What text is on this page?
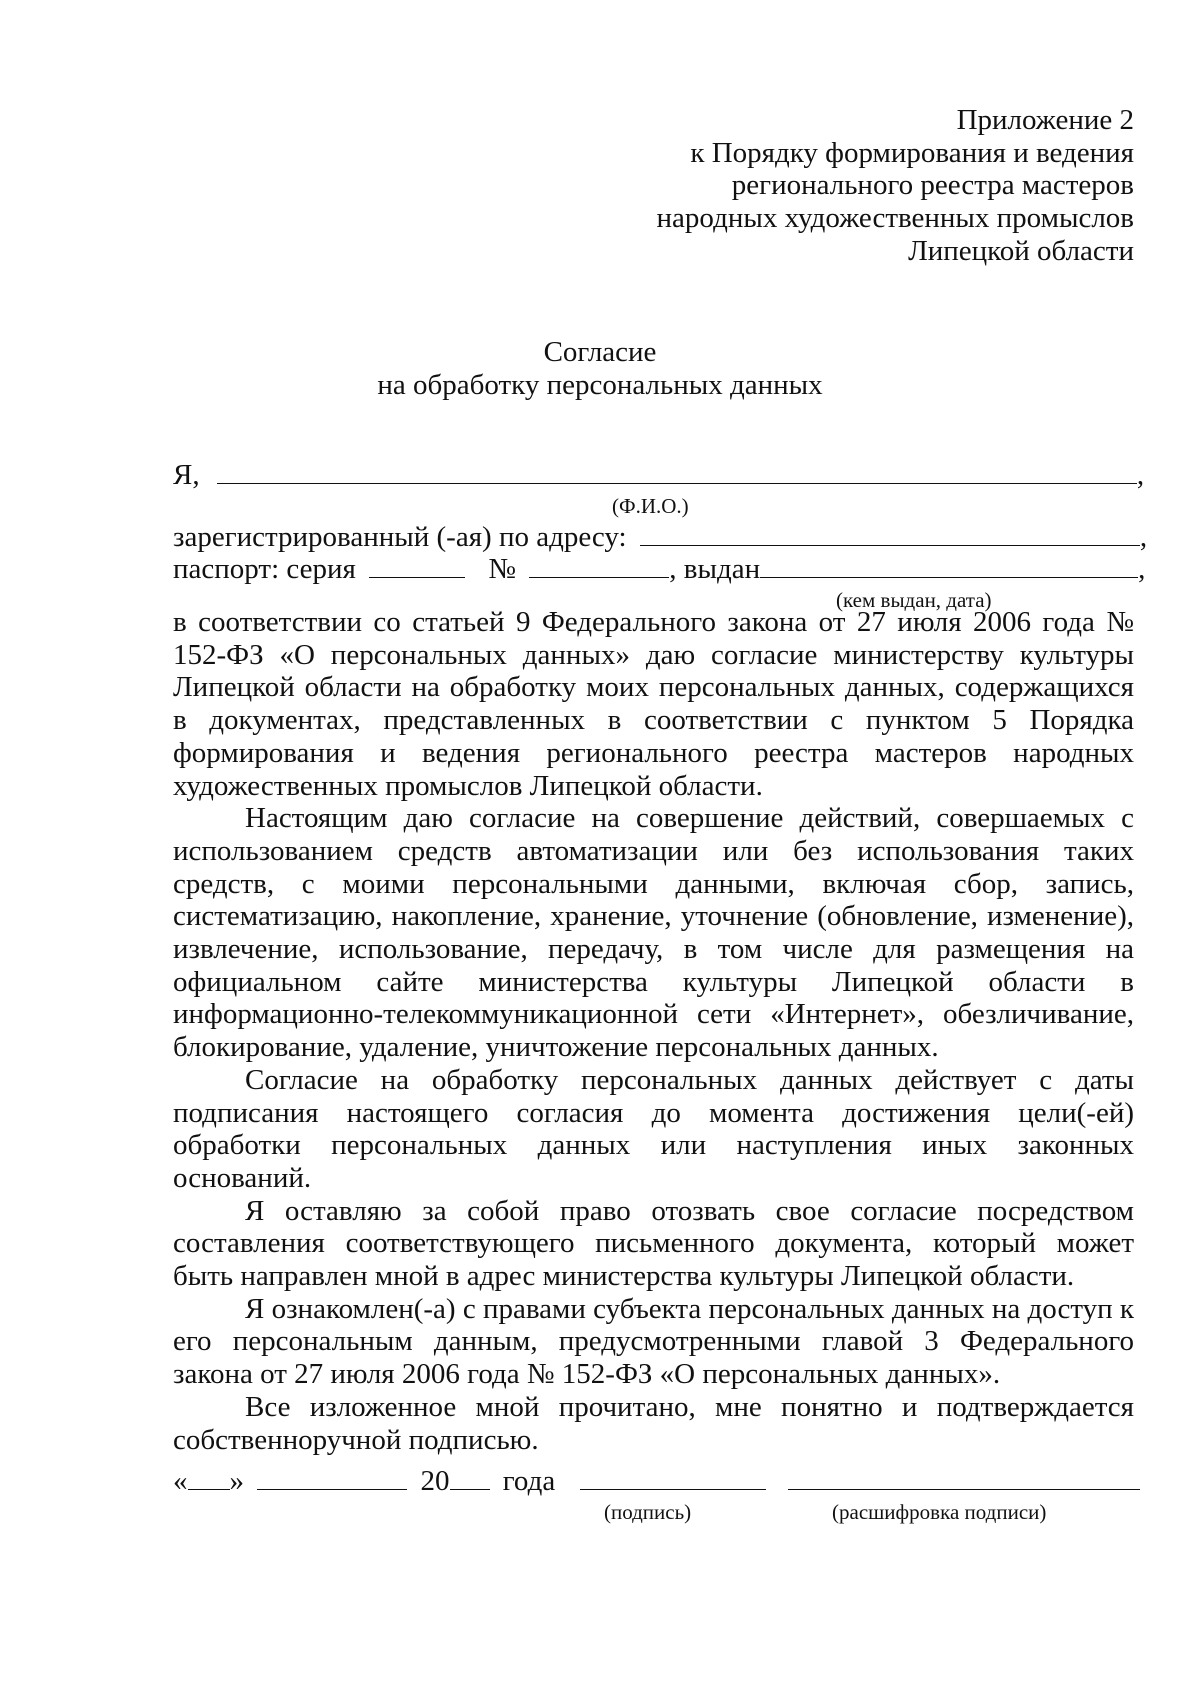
Приложение 2
к Порядку формирования и ведения
регионального реестра мастеров
народных художественных промыслов
Липецкой области
Согласие
на обработку персональных данных
Я,	,
(Ф.И.О.)
зарегистрированный (-ая) по адресу:	,
паспорт: серия	№	, выдан	,
(кем выдан, дата)

в соответствии со статьей 9 Федерального закона от 27 июля 2006 года № 152-ФЗ «О персональных данных» даю согласие министерству культуры Липецкой области на обработку моих персональных данных, содержащихся в документах, представленных в соответствии с пунктом 5 Порядка формирования и ведения регионального реестра мастеров народных художественных промыслов Липецкой области.

Настоящим даю согласие на совершение действий, совершаемых с использованием средств автоматизации или без использования таких средств, с моими персональными данными, включая сбор, запись, систематизацию, накопление, хранение, уточнение (обновление, изменение), извлечение, использование, передачу, в том числе для размещения на официальном сайте министерства культуры Липецкой области в информационно-телекоммуникационной сети «Интернет», обезличивание, блокирование, удаление, уничтожение персональных данных.

Согласие на обработку персональных данных действует с даты подписания настоящего согласия до момента достижения цели(-ей) обработки персональных данных или наступления иных законных оснований.

Я оставляю за собой право отозвать свое согласие посредством составления соответствующего письменного документа, который может быть направлен мной в адрес министерства культуры Липецкой области.

Я ознакомлен(-а) с правами субъекта персональных данных на доступ к его персональным данным, предусмотренными главой 3 Федерального закона от 27 июля 2006 года № 152-ФЗ «О персональных данных».

Все изложенное мной прочитано, мне понятно и подтверждается собственноручной подписью.

« »	20 года
(подпись)	(расшифровка подписи)
